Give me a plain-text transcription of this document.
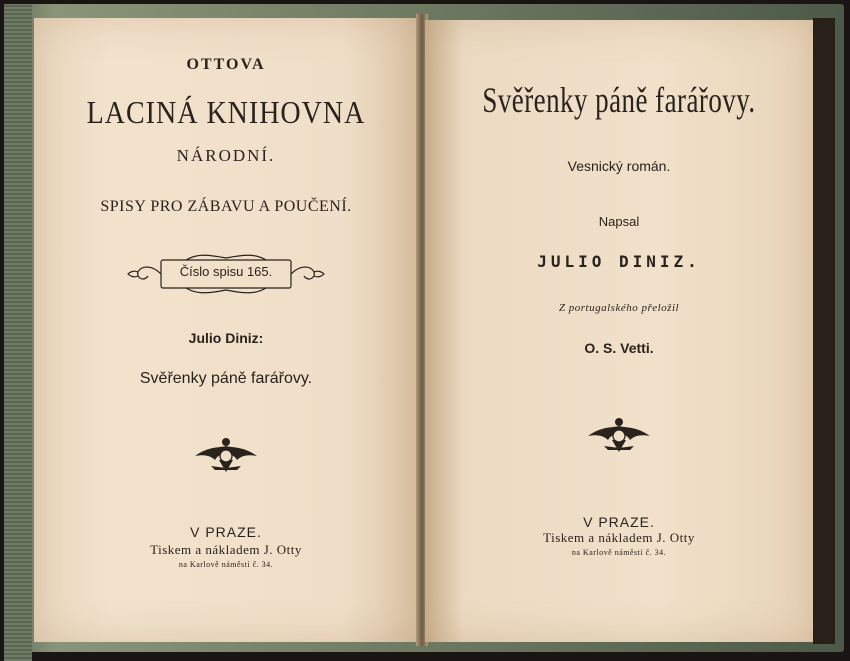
OTTOVA
LACINÁ KNIHOVNA
NÁRODNÍ.
SPISY PRO ZÁBAVU A POUČENÍ.
Číslo spisu 165.
Julio Diniz:
Svěřenky páně farářovy.
V PRAZE.
Tiskem a nákladem J. Otty
na Karlově náměstí č. 34.
Svěřenky páně farářovy.
Vesnický román.
Napsal
JULIO DINIZ.
Z portugalského přeložil
O. S. Vetti.
V PRAZE.
Tiskem a nákladem J. Otty
na Karlově náměstí č. 34.
